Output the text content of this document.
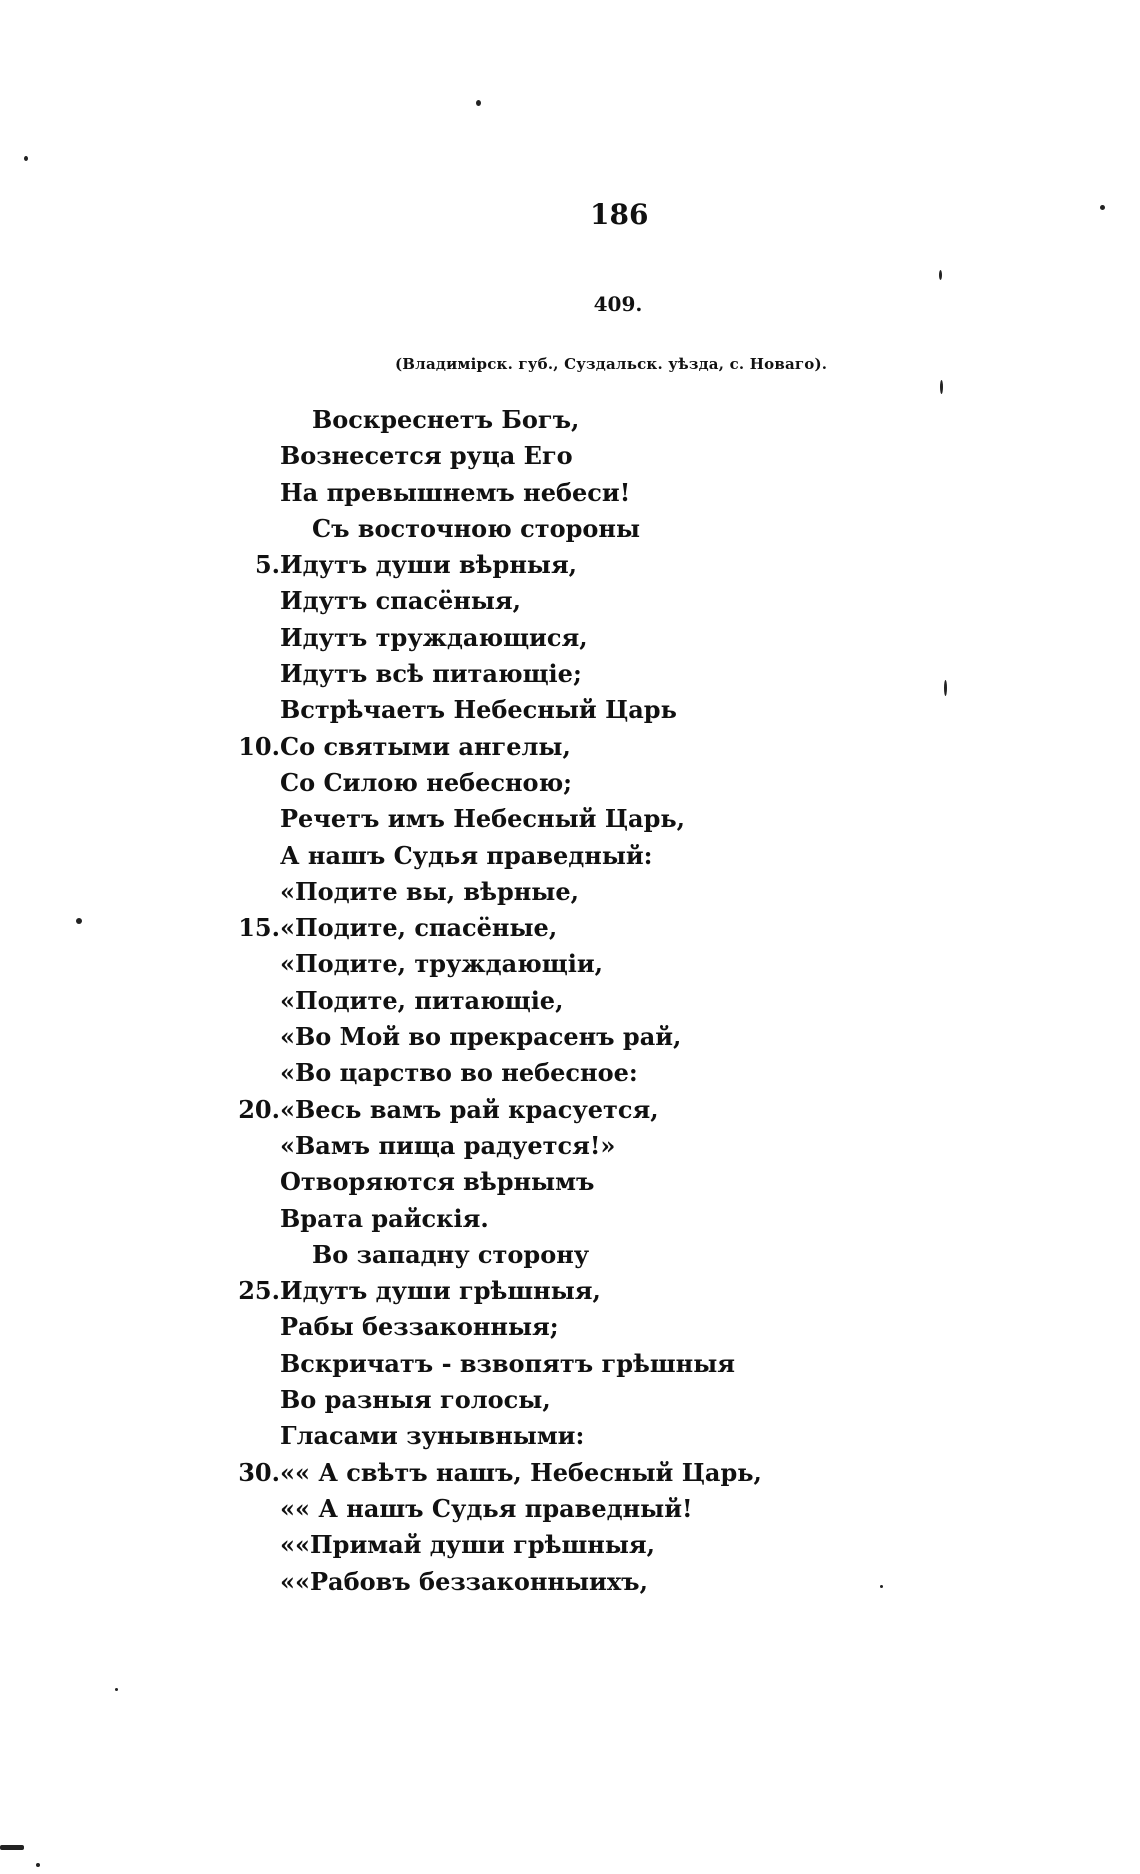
186
409.
(Владимірск. губ., Суздальск. уѣзда, с. Новаго).
Воскреснетъ Богъ,
Вознесется руца Его
На превышнемъ небеси!
Съ восточною стороны
5. Идутъ души вѣрныя,
Идутъ спасёныя,
Идутъ труждающися,
Идутъ всѣ питающіе;
Встрѣчаетъ Небесный Царь
10. Со святыми ангелы,
Со Силою небесною;
Речетъ имъ Небесный Царь,
А нашъ Судья праведный:
«Подите вы, вѣрные,
15. «Подите, спасёные,
«Подите, труждающіи,
«Подите, питающіе,
«Во Мой во прекрасенъ рай,
«Во царство во небесное:
20. «Весь вамъ рай красуется,
«Вамъ пища радуется!»
Отворяются вѣрнымъ
Врата райскія.
Во западну сторону
25. Идутъ души грѣшныя,
Рабы беззаконныя;
Вскричатъ - взвопятъ грѣшныя
Во разныя голосы,
Гласами зунывными:
30. «« А свѣтъ нашъ, Небесный Царь,
«« А нашъ Судья праведный!
««Примай души грѣшныя,
««Рабовъ беззаконныихъ,
